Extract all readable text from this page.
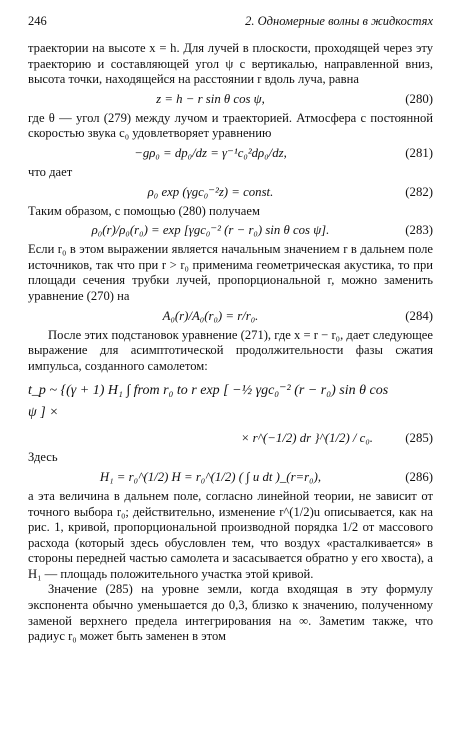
246	2. Одномерные волны в жидкостях

траектории на высоте x = h. Для лучей в плоскости, проходящей через эту траекторию и составляющей угол ψ с вертикалью, направленной вниз, высота точки, находящейся на расстоянии r вдоль луча, равна

z = h − r sin θ cos ψ,	(280)

где θ — угол (279) между лучом и траекторией. Атмосфера с постоянной скоростью звука c₀ удовлетворяет уравнению

−gρ₀ = dp₀/dz = γ⁻¹c₀²dρ₀/dz,	(281)

что дает

ρ₀ exp (γgc₀⁻²z) = const.	(282)

Таким образом, с помощью (280) получаем

ρ₀(r)/ρ₀(r₀) = exp [γgc₀⁻² (r − r₀) sin θ cos ψ].	(283)

Если r₀ в этом выражении является начальным значением r в дальнем поле источников, так что при r > r₀ применима геометрическая акустика, то при площади сечения трубки лучей, пропорциональной r, можно заменить уравнение (270) на

A₀(r)/A₀(r₀) = r/r₀.	(284)

После этих подстановок уравнение (271), где x = r − r₀, дает следующее выражение для асимптотической продолжительности фазы сжатия импульса, созданного самолетом:

t_p ~ {(γ + 1) H₁ ∫ from r₀ to r exp [ −½ γgc₀⁻² (r − r₀) sin θ cos ψ ] ×
× r^(−1/2) dr }^(1/2) / c₀.	(285)

Здесь

H₁ = r₀^(1/2) H = r₀^(1/2) ( ∫ u dt )_(r=r₀),	(286)

а эта величина в дальнем поле, согласно линейной теории, не зависит от точного выбора r₀; действительно, изменение r^(1/2)u описывается, как на рис. 1, кривой, пропорциональной производной порядка 1/2 от массового расхода (который здесь обусловлен тем, что воздух «расталкивается» в стороны передней частью самолета и засасывается обратно у его хвоста), а H₁ — площадь положительного участка этой кривой.

Значение (285) на уровне земли, когда входящая в эту формулу экспонента обычно уменьшается до 0,3, близко к значению, полученному заменой верхнего предела интегрирования на ∞. Заметим также, что радиус r₀ может быть заменен в этом
